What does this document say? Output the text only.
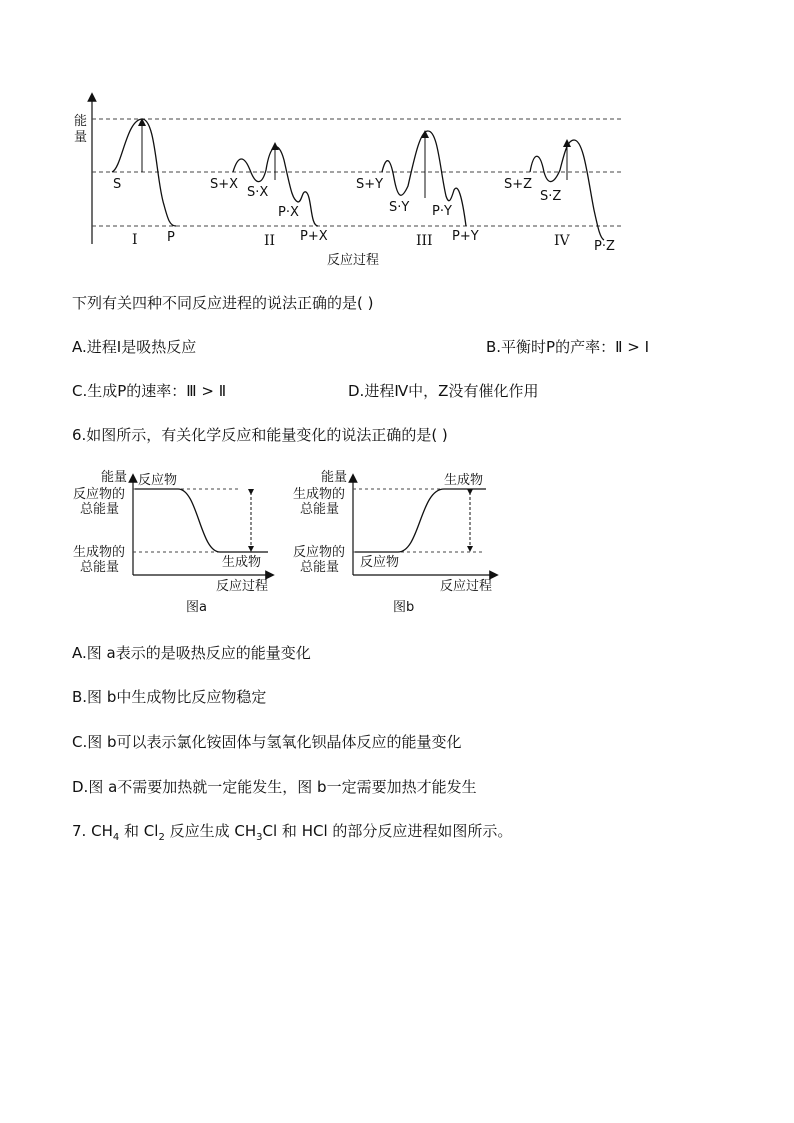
能
量
S
P
I
S+X
S·X
P·X
P+X
II
S+Y
S·Y P·Y
P+Y
III
S+Z
S·Z
P·Z
IV
反应过程
下列有关四种不同反应进程的说法正确的是( )
A.进程Ⅰ是吸热反应	B.平衡时P的产率：Ⅱ > Ⅰ
C.生成P的速率：Ⅲ > Ⅱ	D.进程Ⅳ中，Z没有催化作用
6.如图所示，有关化学反应和能量变化的说法正确的是( )
能量
反应物的
总能量
生成物的
总能量
反应物
生成物
反应过程
图a
能量
生成物的
总能量
反应物的
总能量 反应物
生成物
反应过程
图b
A.图 a表示的是吸热反应的能量变化
B.图 b中生成物比反应物稳定
C.图 b可以表示氯化铵固体与氢氧化钡晶体反应的能量变化
D.图 a不需要加热就一定能发生，图 b一定需要加热才能发生
7. $CH_4$ 和 $Cl_2$ 反应生成 $CH_3Cl$ 和 HCl 的部分反应进程如图所示。
